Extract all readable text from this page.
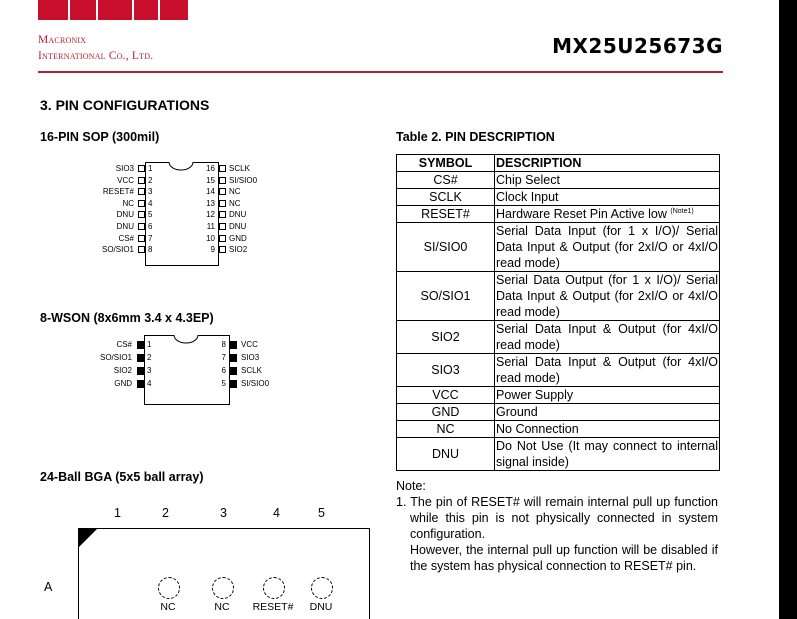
Macronix
International Co., Ltd.	MX25U25673G
3. PIN CONFIGURATIONS
16-PIN SOP (300mil)
8-WSON (8x6mm 3.4 x 4.3EP)
24-Ball BGA (5x5 ball array)
1	2	3	4	5
A
NC	NC	RESET#	DNU
Table 2. PIN DESCRIPTION
SYMBOL	DESCRIPTION
CS#	Chip Select
SCLK	Clock Input
RESET#	Hardware Reset Pin Active low $^{(Note1)}$
SI/SIO0	Serial Data Input (for 1 x I/O)/ Serial Data Input & Output (for 2xI/O or 4xI/O read mode)
SO/SIO1	Serial Data Output (for 1 x I/O)/ Serial Data Input & Output (for 2xI/O or 4xI/O read mode)
SIO2	Serial Data Input & Output (for 4xI/O read mode)
SIO3	Serial Data Input & Output (for 4xI/O read mode)
VCC	Power Supply
GND	Ground
NC	No Connection
DNU	Do Not Use (It may connect to internal signal inside)
Note:
1. The pin of RESET# will remain internal pull up function while this pin is not physically connected in system configuration.
However, the internal pull up function will be disabled if the system has physical connection to RESET# pin.
SIO3 1
VCC 2
RESET# 3
NC 4
DNU 5
DNU 6
CS# 7
SO/SIO1 8
SCLK
16
SI/SIO0
15
NC
14
NC
13
DNU
12
DNU
11
GND
10
SIO2
9
CS# 1
SO/SIO1 2
SIO2 3
GND 4
VCC
8
SIO3
7
SCLK
6
SI/SIO0
5
